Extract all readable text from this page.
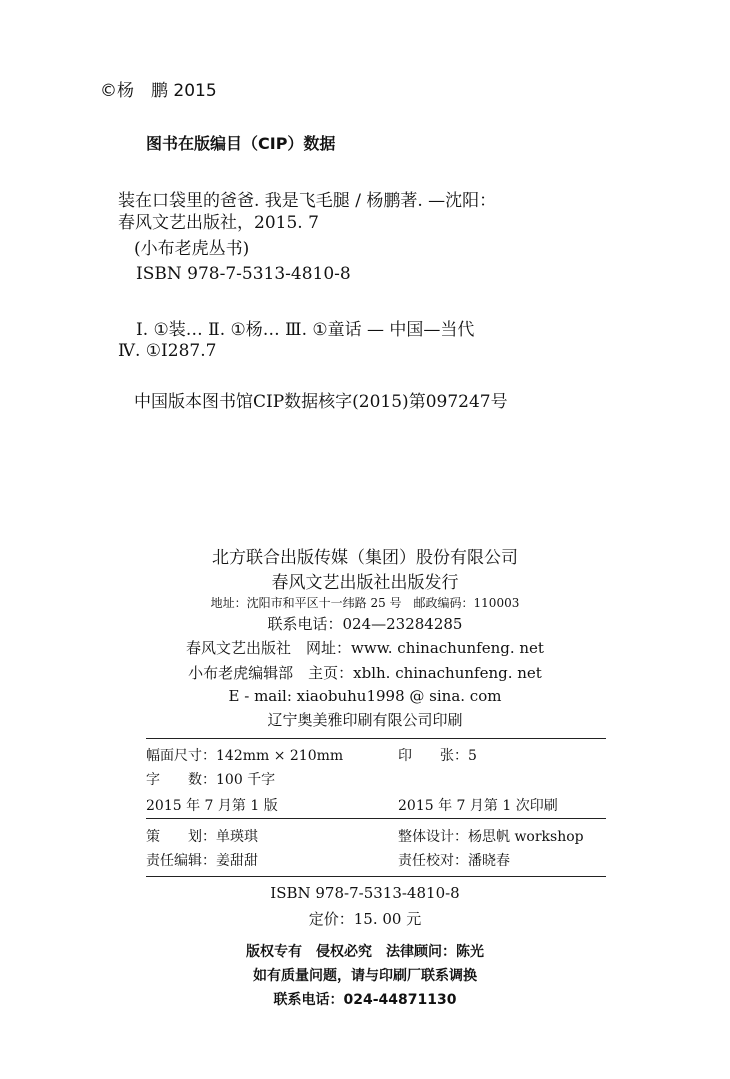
©杨　鹏 2015
图书在版编目（CIP）数据
装在口袋里的爸爸. 我是飞毛腿 / 杨鹏著. —沈阳：
春风文艺出版社，2015. 7
(小布老虎丛书)
ISBN 978-7-5313-4810-8
Ⅰ. ①装… Ⅱ. ①杨… Ⅲ. ①童话 — 中国—当代
Ⅳ. ①I287.7
中国版本图书馆CIP数据核字(2015)第097247号
北方联合出版传媒（集团）股份有限公司
春风文艺出版社出版发行
地址：沈阳市和平区十一纬路 25 号　邮政编码：110003
联系电话：024—23284285
春风文艺出版社　网址：www. chinachunfeng. net
小布老虎编辑部　主页：xblh. chinachunfeng. net
E - mail: xiaobuhu1998 @ sina. com
辽宁奥美雅印刷有限公司印刷
幅面尺寸：142mm × 210mm	印　　张：5
字　　数：100 千字
2015 年 7 月第 1 版	2015 年 7 月第 1 次印刷
策　　划：单瑛琪	整体设计：杨思帆 workshop
责任编辑：姜甜甜	责任校对：潘晓春
ISBN 978-7-5313-4810-8
定价：15. 00 元
版权专有　侵权必究　法律顾问：陈光
如有质量问题，请与印刷厂联系调换
联系电话：024-44871130
